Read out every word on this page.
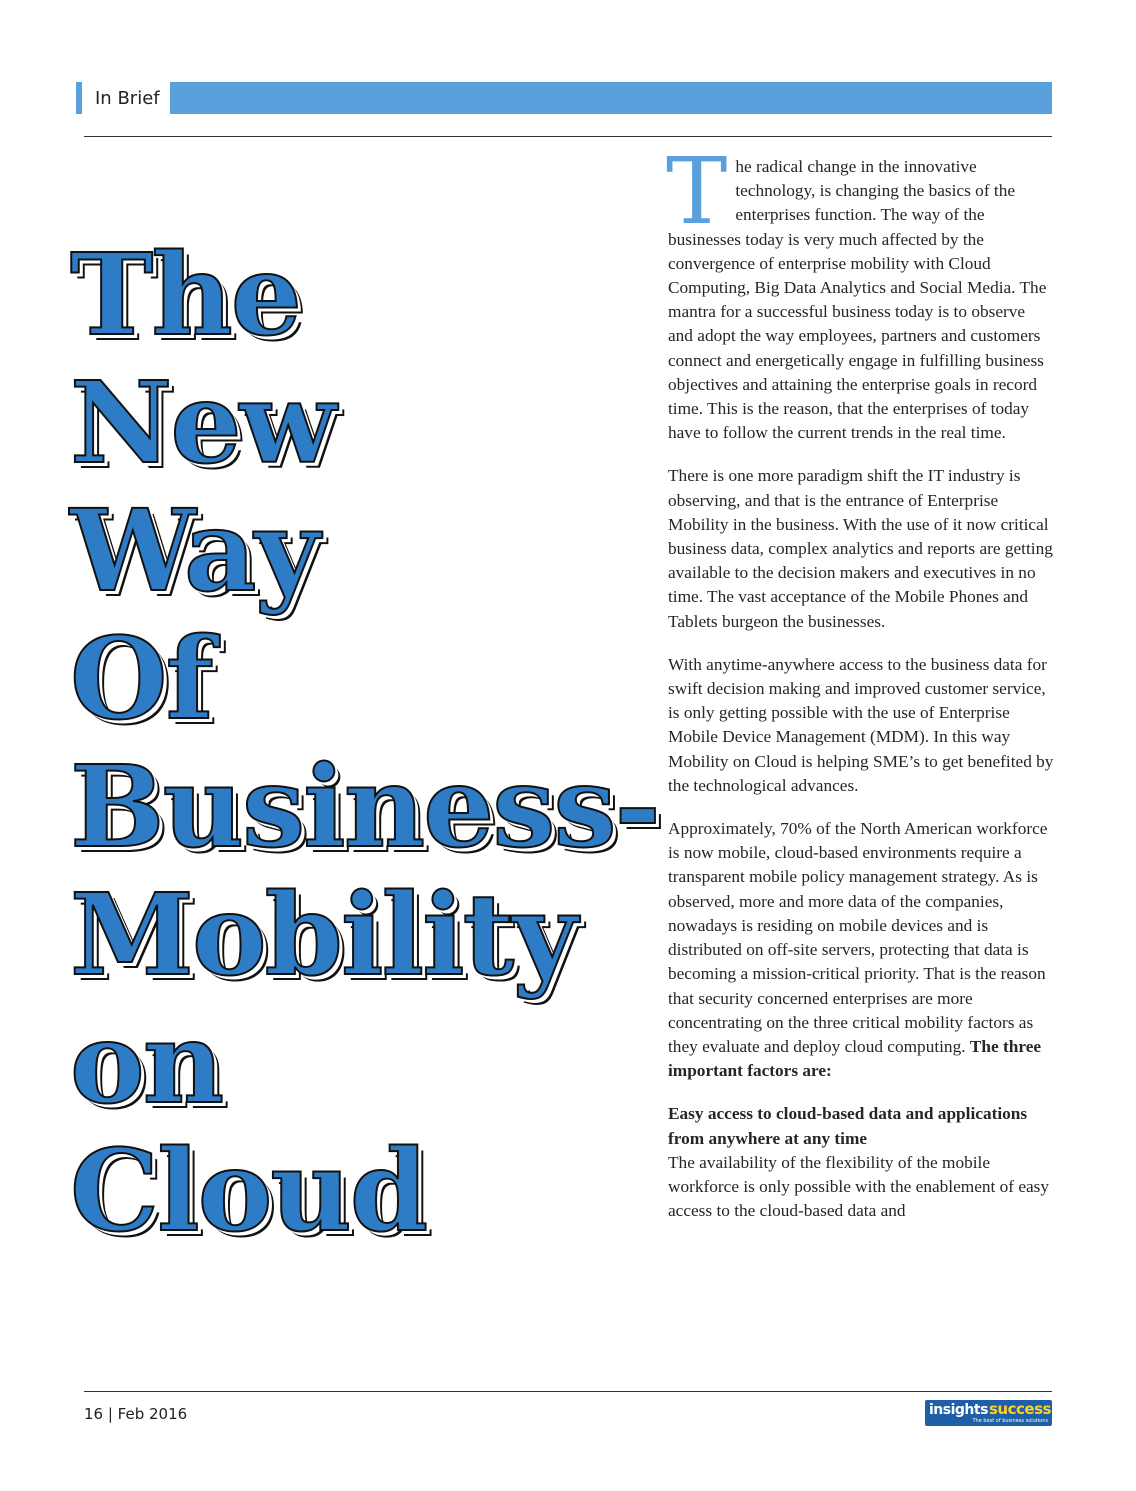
In Brief
The
New
Way
Of
Business-
Mobility
on
Cloud

The radical change in the innovative technology, is changing the basics of the enterprises function. The way of the businesses today is very much affected by the convergence of enterprise mobility with Cloud Computing, Big Data Analytics and Social Media. The mantra for a successful business today is to observe and adopt the way employees, partners and customers connect and energetically engage in fulfilling business objectives and attaining the enterprise goals in record time. This is the reason, that the enterprises of today have to follow the current trends in the real time.

There is one more paradigm shift the IT industry is observing, and that is the entrance of Enterprise Mobility in the business. With the use of it now critical business data, complex analytics and reports are getting available to the decision makers and executives in no time. The vast acceptance of the Mobile Phones and Tablets burgeon the businesses.

With anytime-anywhere access to the business data for swift decision making and improved customer service, is only getting possible with the use of Enterprise Mobile Device Management (MDM). In this way Mobility on Cloud is helping SME’s to get benefited by the technological advances.

Approximately, 70% of the North American workforce is now mobile, cloud-based environments require a transparent mobile policy management strategy. As is observed, more and more data of the companies, nowadays is residing on mobile devices and is distributed on off-site servers, protecting that data is becoming a mission-critical priority. That is the reason that security concerned enterprises are more concentrating on the three critical mobility factors as they evaluate and deploy cloud computing. The three important factors are:

Easy access to cloud-based data and applications from anywhere at any time
The availability of the flexibility of the mobile workforce is only possible with the enablement of easy access to the cloud-based data and

16 | Feb 2016	insights success
The best of business solutions
